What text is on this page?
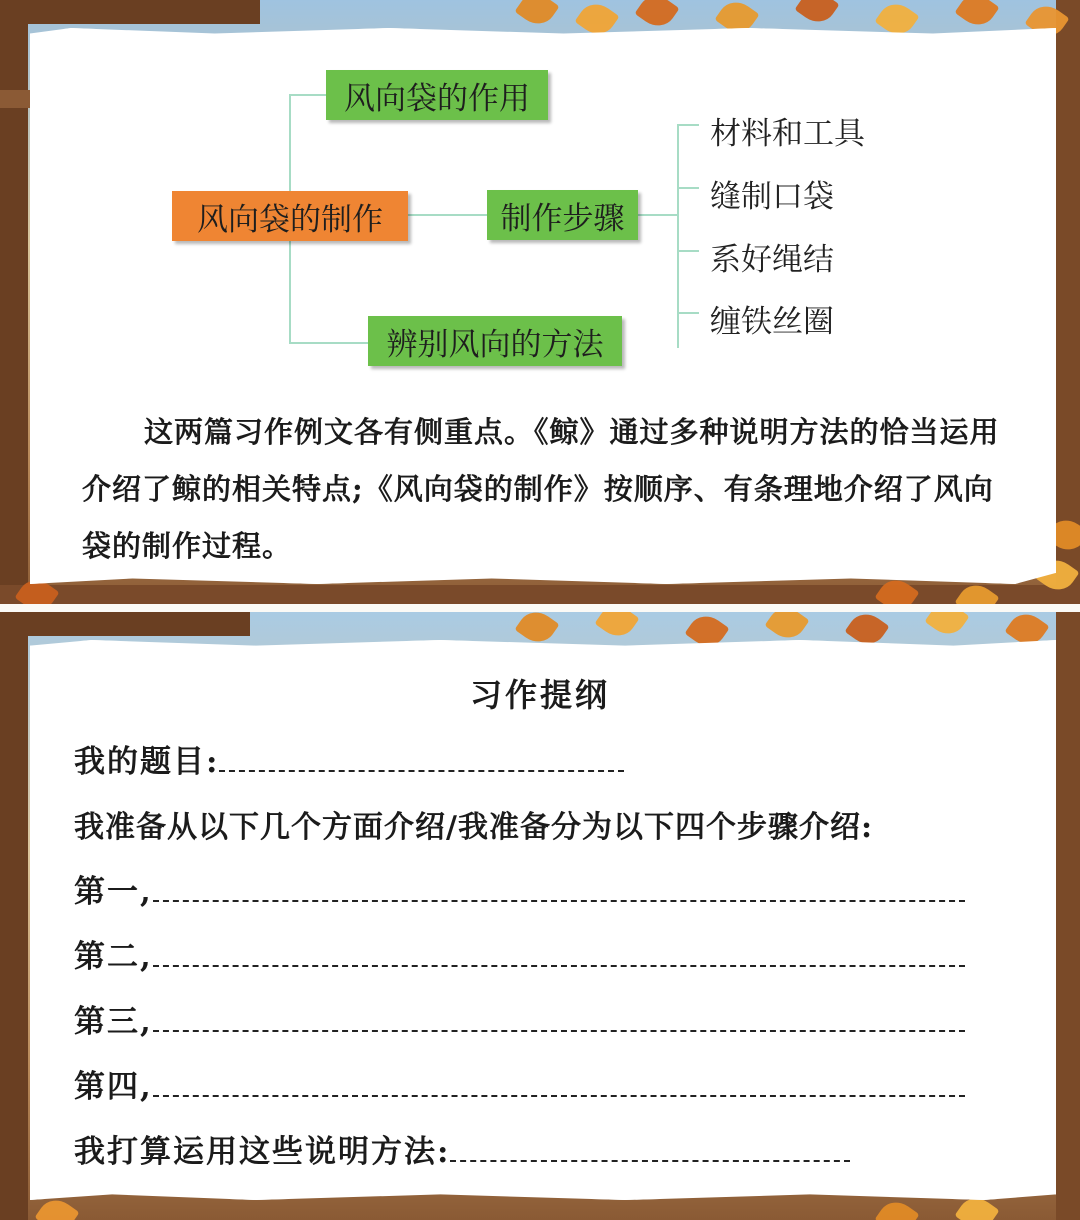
风向袋的作用
风向袋的制作	制作步骤
辨别风向的方法
材料和工具
缝制口袋
系好绳结
缠铁丝圈
这两篇习作例文各有侧重点。《鲸》通过多种说明方法的恰当运用介绍了鲸的相关特点;《风向袋的制作》按顺序、有条理地介绍了风向袋的制作过程。
习作提纲
我的题目:
我准备从以下几个方面介绍/我准备分为以下四个步骤介绍:
第一,
第二,
第三,
第四,
我打算运用这些说明方法:
